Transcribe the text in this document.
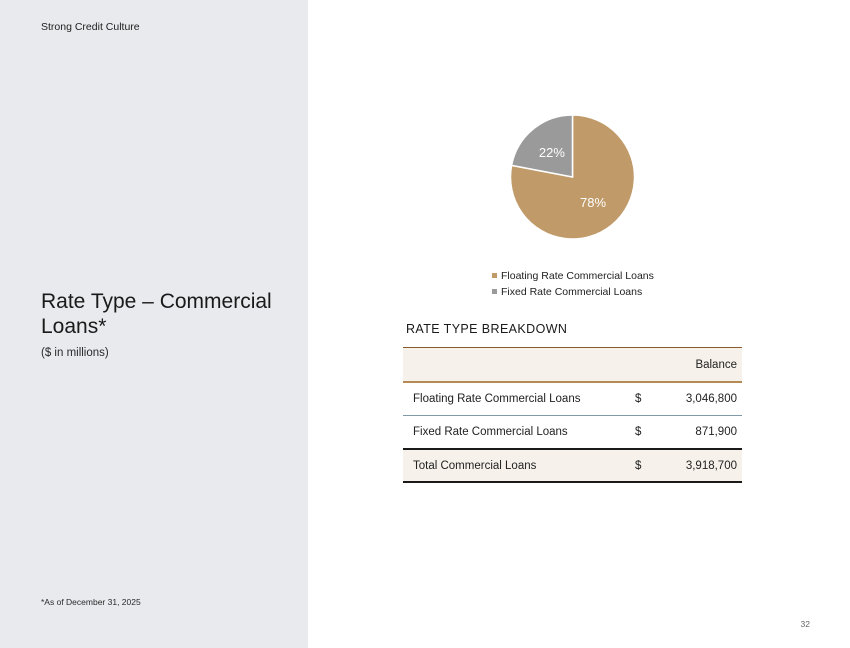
Strong Credit Culture
Rate Type – Commercial Loans*
($ in millions)
*As of December 31, 2025
78%
22%
Floating Rate Commercial Loans
Fixed Rate Commercial Loans
RATE TYPE BREAKDOWN
Balance
Floating Rate Commercial Loans	$	3,046,800
Fixed Rate Commercial Loans	$	871,900
Total Commercial Loans	$	3,918,700
32
